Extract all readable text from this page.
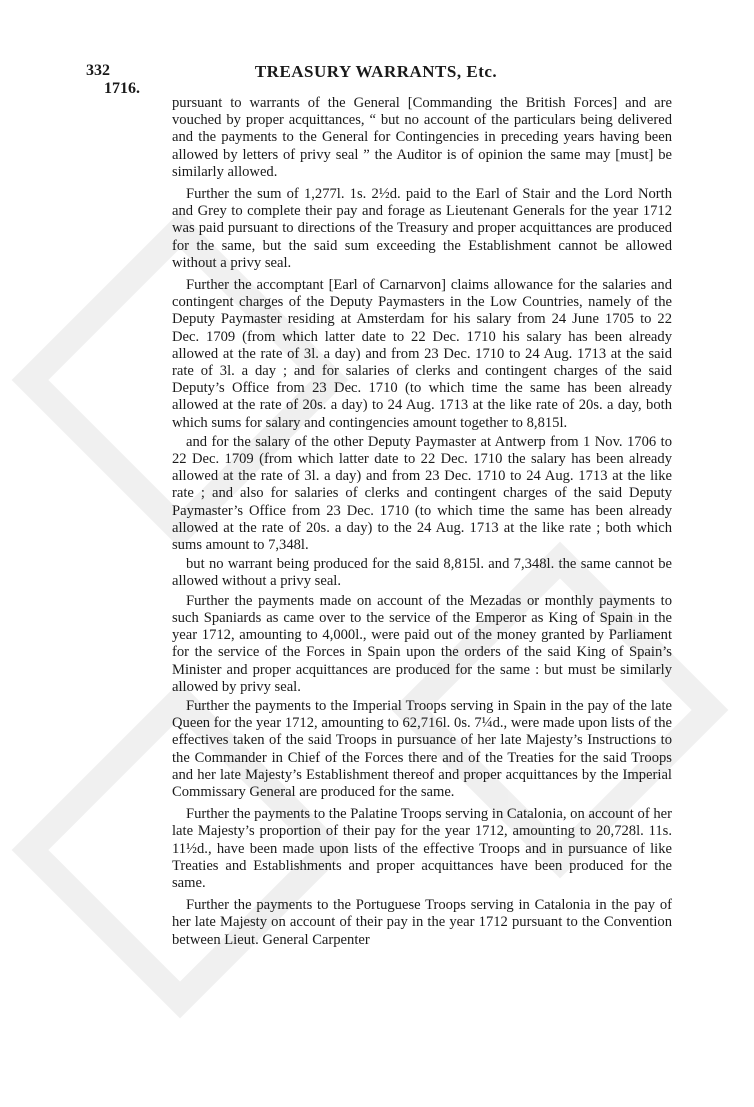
332
1716.
TREASURY WARRANTS, Etc.

pursuant to warrants of the General [Commanding the British Forces] and are vouched by proper acquittances, “ but no account of the particulars being delivered and the payments to the General for Contingencies in preceding years having been allowed by letters of privy seal ” the Auditor is of opinion the same may [must] be similarly allowed.

Further the sum of 1,277l. 1s. 2½d. paid to the Earl of Stair and the Lord North and Grey to complete their pay and forage as Lieutenant Generals for the year 1712 was paid pursuant to directions of the Treasury and proper acquittances are produced for the same, but the said sum exceeding the Establishment cannot be allowed without a privy seal.

Further the accomptant [Earl of Carnarvon] claims allowance for the salaries and contingent charges of the Deputy Paymasters in the Low Countries, namely of the Deputy Paymaster residing at Amsterdam for his salary from 24 June 1705 to 22 Dec. 1709 (from which latter date to 22 Dec. 1710 his salary has been already allowed at the rate of 3l. a day) and from 23 Dec. 1710 to 24 Aug. 1713 at the said rate of 3l. a day ; and for salaries of clerks and contingent charges of the said Deputy’s Office from 23 Dec. 1710 (to which time the same has been already allowed at the rate of 20s. a day) to 24 Aug. 1713 at the like rate of 20s. a day, both which sums for salary and contingencies amount together to 8,815l.

and for the salary of the other Deputy Paymaster at Antwerp from 1 Nov. 1706 to 22 Dec. 1709 (from which latter date to 22 Dec. 1710 the salary has been already allowed at the rate of 3l. a day) and from 23 Dec. 1710 to 24 Aug. 1713 at the like rate ; and also for salaries of clerks and contingent charges of the said Deputy Paymaster’s Office from 23 Dec. 1710 (to which time the same has been already allowed at the rate of 20s. a day) to the 24 Aug. 1713 at the like rate ; both which sums amount to 7,348l.

but no warrant being produced for the said 8,815l. and 7,348l. the same cannot be allowed without a privy seal.

Further the payments made on account of the Mezadas or monthly payments to such Spaniards as came over to the service of the Emperor as King of Spain in the year 1712, amounting to 4,000l., were paid out of the money granted by Parliament for the service of the Forces in Spain upon the orders of the said King of Spain’s Minister and proper acquittances are produced for the same : but must be similarly allowed by privy seal.

Further the payments to the Imperial Troops serving in Spain in the pay of the late Queen for the year 1712, amounting to 62,716l. 0s. 7¼d., were made upon lists of the effectives taken of the said Troops in pursuance of her late Majesty’s Instructions to the Commander in Chief of the Forces there and of the Treaties for the said Troops and her late Majesty’s Establishment thereof and proper acquittances by the Imperial Commissary General are produced for the same.

Further the payments to the Palatine Troops serving in Catalonia, on account of her late Majesty’s proportion of their pay for the year 1712, amounting to 20,728l. 11s. 11½d., have been made upon lists of the effective Troops and in pursuance of like Treaties and Establishments and proper acquittances have been produced for the same.

Further the payments to the Portuguese Troops serving in Catalonia in the pay of her late Majesty on account of their pay in the year 1712 pursuant to the Convention between Lieut. General Carpenter
